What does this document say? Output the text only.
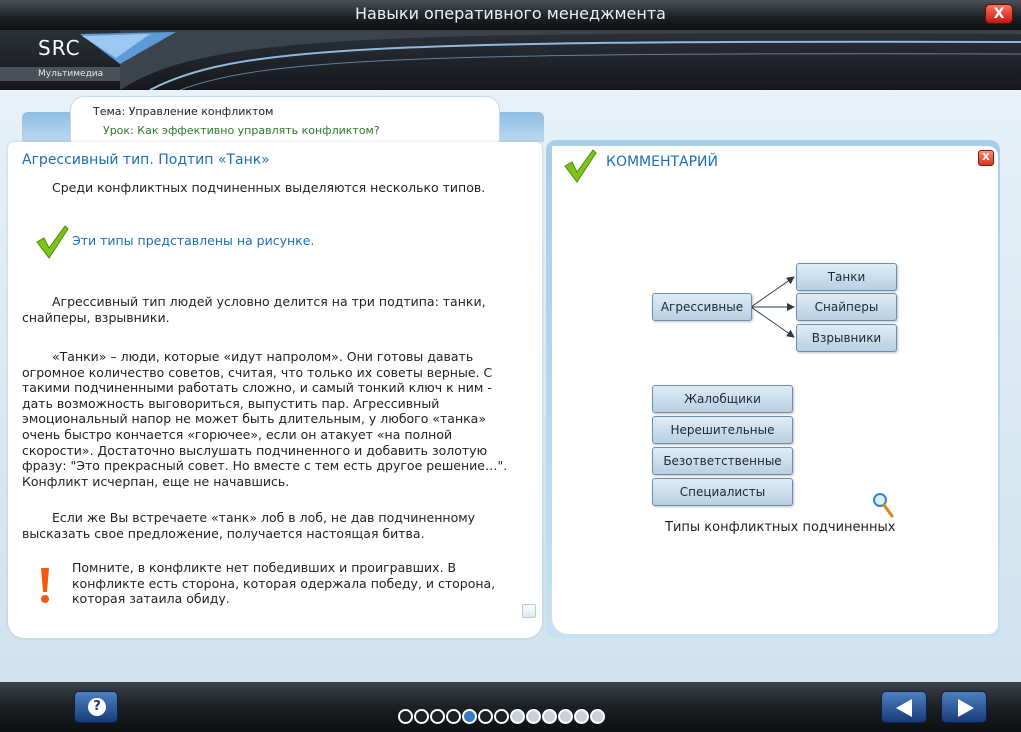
Навыки оперативного менеджмента	X
SRC
Мультимедиа
Тема: Управление конфликтом
Урок: Как эффективно управлять конфликтом?
Агрессивный тип. Подтип «Танк»
Среди конфликтных подчиненных выделяются несколько типов.
Эти типы представлены на рисунке.
Агрессивный тип людей условно делится на три подтипа: танки, снайперы, взрывники.
«Танки» – люди, которые «идут напролом». Они готовы давать огромное количество советов, считая, что только их советы верные. С такими подчиненными работать сложно, и самый тонкий ключ к ним - дать возможность выговориться, выпустить пар. Агрессивный эмоциональный напор не может быть длительным, у любого «танка» очень быстро кончается «горючее», если он атакует «на полной скорости». Достаточно выслушать подчиненного и добавить золотую фразу: "Это прекрасный совет. Но вместе с тем есть другое решение…". Конфликт исчерпан, еще не начавшись.
Если же Вы встречаете «танк» лоб в лоб, не дав подчиненному высказать свое предложение, получается настоящая битва.
Помните, в конфликте нет победивших и проигравших. В конфликте есть сторона, которая одержала победу, и сторона, которая затаила обиду.
КОММЕНТАРИЙ	X
Агрессивные
Танки
Снайперы
Взрывники
Жалобщики
Нерешительные
Безответственные
Специалисты
Типы конфликтных подчиненных
?
